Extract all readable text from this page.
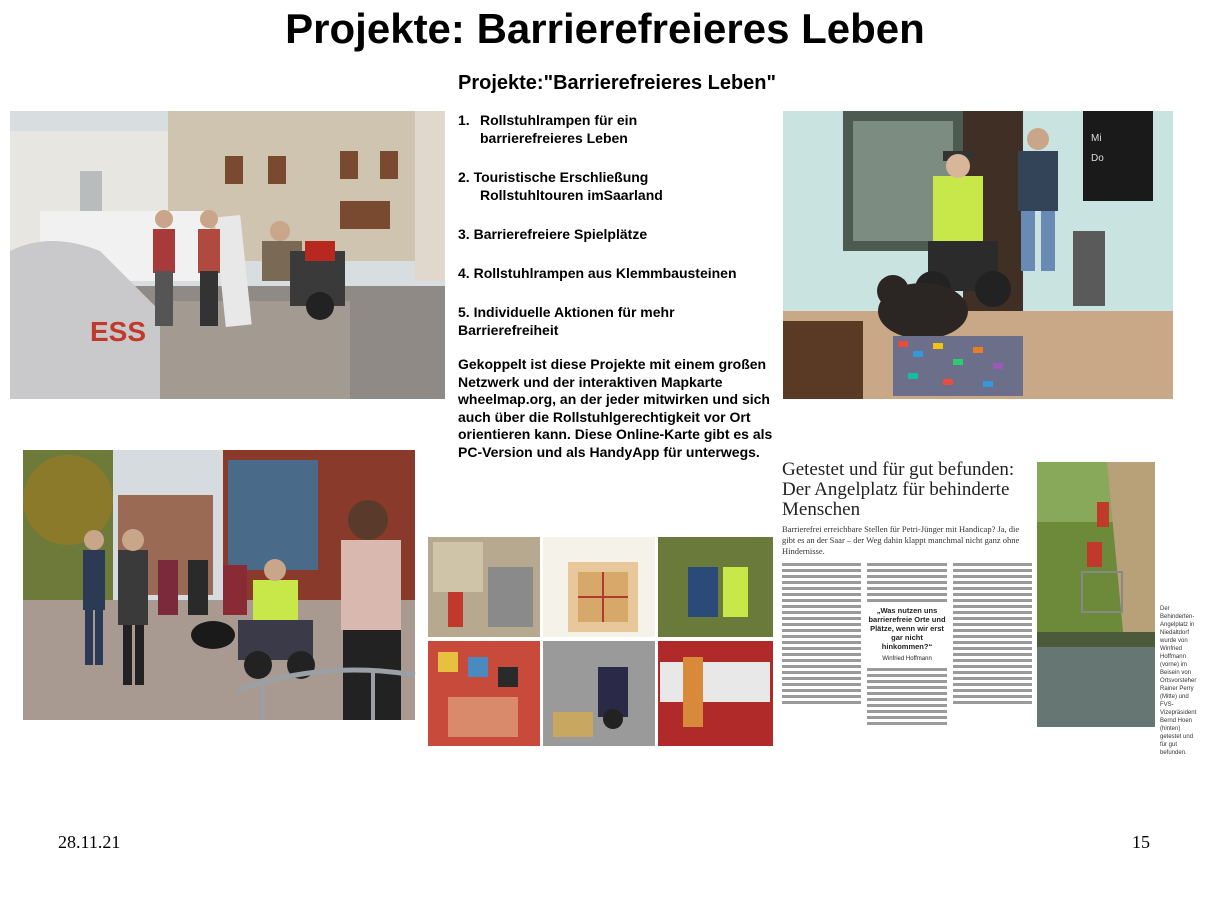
Projekte: Barrierefreieres Leben
ESS
Mi
Do
Projekte:"Barrierefreieres Leben"
1. Rollstuhlrampen für ein
barrierefreieres Leben
2. Touristische Erschließung
Rollstuhltouren imSaarland
3. Barrierefreiere Spielplätze
4. Rollstuhlrampen aus Klemmbausteinen
5. Individuelle Aktionen für mehr Barrierefreiheit
Gekoppelt ist diese Projekte mit einem großen Netzwerk und der interaktiven Mapkarte wheelmap.org, an der jeder mitwirken und sich auch über die Rollstuhlgerechtigkeit vor Ort orientieren kann. Diese Online-Karte gibt es als PC-Version und als HandyApp für unterwegs.
Getestet und für gut befunden: Der Angelplatz für behinderte Menschen
Barrierefrei erreichbare Stellen für Petri-Jünger mit Handicap? Ja, die gibt es an der Saar – der Weg dahin klappt manchmal nicht ganz ohne Hindernisse.
„Was nutzen uns barrierefreie Orte und Plätze, wenn wir erst gar nicht hinkommen?“
Winfried Hoffmann
Der Behinderten-Angelplatz in Niedaltdorf wurde von Winfried Hoffmann (vorne) im Beisein von Ortsvorsteher Rainer Perry (Mitte) und FVS-Vizepräsident Bernd Hoen (hinten) getestet und für gut befunden.
28.11.21	15
